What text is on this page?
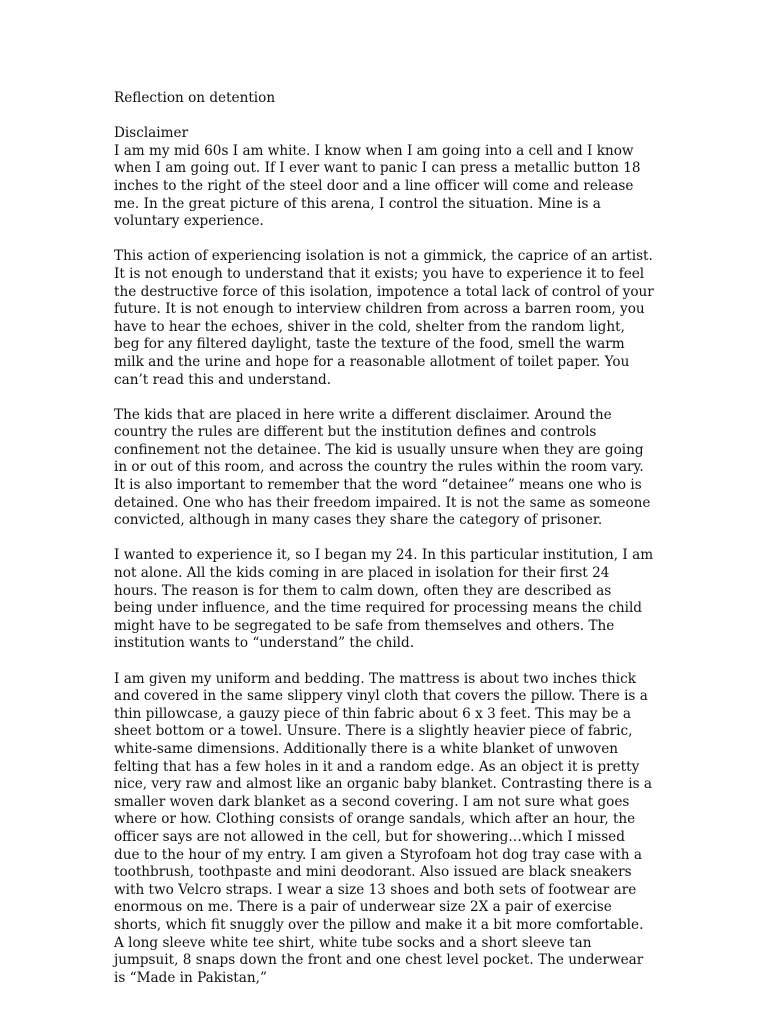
Reflection on detention

Disclaimer

I am my mid 60s I am white. I know when I am going into a cell and I know when I am going out. If I ever want to panic I can press a metallic button 18 inches to the right of the steel door and a line officer will come and release me. In the great picture of this arena, I control the situation. Mine is a voluntary experience.

This action of experiencing isolation is not a gimmick, the caprice of an artist. It is not enough to understand that it exists; you have to experience it to feel the destructive force of this isolation, impotence a total lack of control of your future. It is not enough to interview children from across a barren room, you have to hear the echoes, shiver in the cold, shelter from the random light, beg for any filtered daylight, taste the texture of the food, smell the warm milk and the urine and hope for a reasonable allotment of toilet paper. You can’t read this and understand.

The kids that are placed in here write a different disclaimer. Around the country the rules are different but the institution defines and controls confinement not the detainee. The kid is usually unsure when they are going in or out of this room, and across the country the rules within the room vary. It is also important to remember that the word “detainee” means one who is detained. One who has their freedom impaired. It is not the same as someone convicted, although in many cases they share the category of prisoner.

I wanted to experience it, so I began my 24. In this particular institution, I am not alone. All the kids coming in are placed in isolation for their first 24 hours. The reason is for them to calm down, often they are described as being under influence, and the time required for processing means the child might have to be segregated to be safe from themselves and others. The institution wants to “understand” the child.

I am given my uniform and bedding. The mattress is about two inches thick and covered in the same slippery vinyl cloth that covers the pillow. There is a thin pillowcase, a gauzy piece of thin fabric about 6 x 3 feet. This may be a sheet bottom or a towel. Unsure. There is a slightly heavier piece of fabric, white-same dimensions. Additionally there is a white blanket of unwoven felting that has a few holes in it and a random edge. As an object it is pretty nice, very raw and almost like an organic baby blanket. Contrasting there is a smaller woven dark blanket as a second covering. I am not sure what goes where or how. Clothing consists of orange sandals, which after an hour, the officer says are not allowed in the cell, but for showering…which I missed due to the hour of my entry. I am given a Styrofoam hot dog tray case with a toothbrush, toothpaste and mini deodorant. Also issued are black sneakers with two Velcro straps. I wear a size 13 shoes and both sets of footwear are enormous on me. There is a pair of underwear size 2X a pair of exercise shorts, which fit snuggly over the pillow and make it a bit more comfortable. A long sleeve white tee shirt, white tube socks and a short sleeve tan jumpsuit, 8 snaps down the front and one chest level pocket. The underwear is “Made in Pakistan,”
